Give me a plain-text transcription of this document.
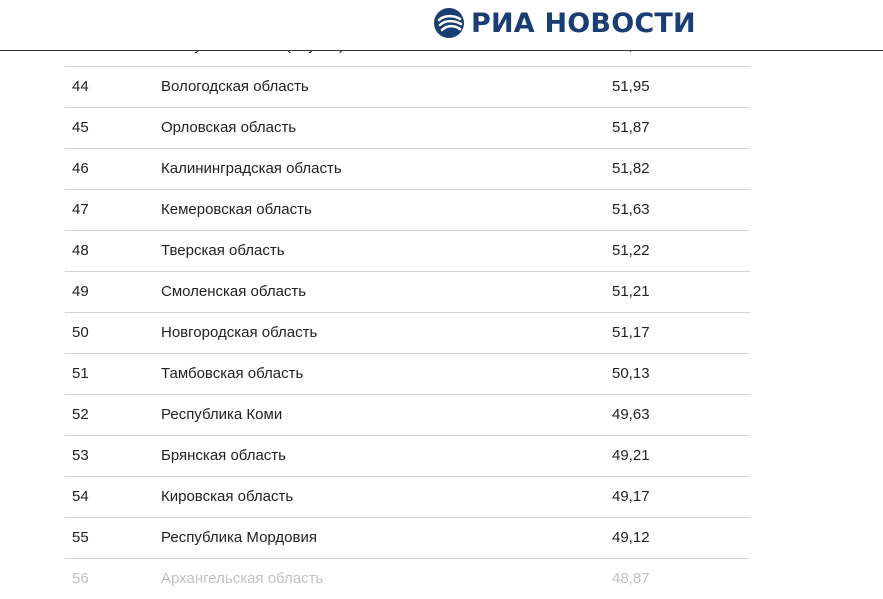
РИА НОВОСТИ
44	Вологодская область	51,95
45	Орловская область	51,87
46	Калининградская область	51,82
47	Кемеровская область	51,63
48	Тверская область	51,22
49	Смоленская область	51,21
50	Новгородская область	51,17
51	Тамбовская область	50,13
52	Республика Коми	49,63
53	Брянская область	49,21
54	Кировская область	49,17
55	Республика Мордовия	49,12
56	Архангельская область	48,87
